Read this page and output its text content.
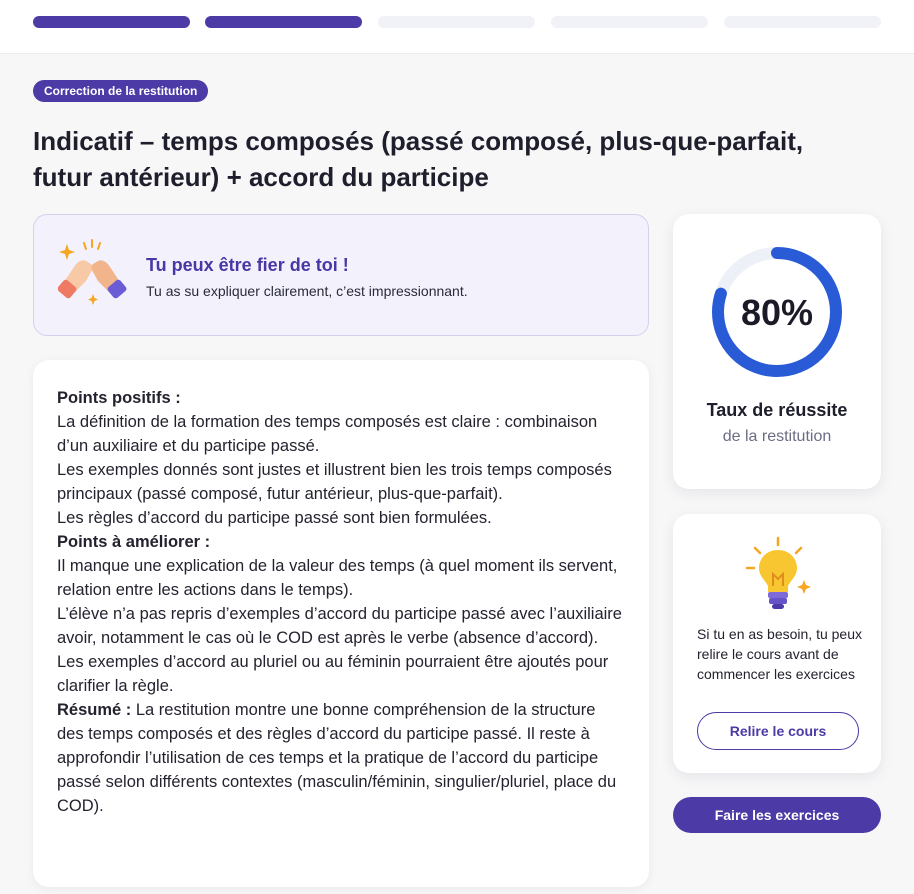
Correction de la restitution
Indicatif – temps composés (passé composé, plus-que-parfait, futur antérieur) + accord du participe
Tu peux être fier de toi !
Tu as su expliquer clairement, c’est impressionnant.
Points positifs :
La définition de la formation des temps composés est claire : combinaison d’un auxiliaire et du participe passé.
Les exemples donnés sont justes et illustrent bien les trois temps composés principaux (passé composé, futur antérieur, plus-que-parfait).
Les règles d’accord du participe passé sont bien formulées.
Points à améliorer :
Il manque une explication de la valeur des temps (à quel moment ils servent, relation entre les actions dans le temps).
L’élève n’a pas repris d’exemples d’accord du participe passé avec l’auxiliaire avoir, notamment le cas où le COD est après le verbe (absence d’accord).
Les exemples d’accord au pluriel ou au féminin pourraient être ajoutés pour clarifier la règle.
Résumé : La restitution montre une bonne compréhension de la structure des temps composés et des règles d’accord du participe passé. Il reste à approfondir l’utilisation de ces temps et la pratique de l’accord du participe passé selon différents contextes (masculin/féminin, singulier/pluriel, place du COD).
80%
Taux de réussite
de la restitution
Si tu en as besoin, tu peux relire le cours avant de commencer les exercices
Relire le cours
Faire les exercices
